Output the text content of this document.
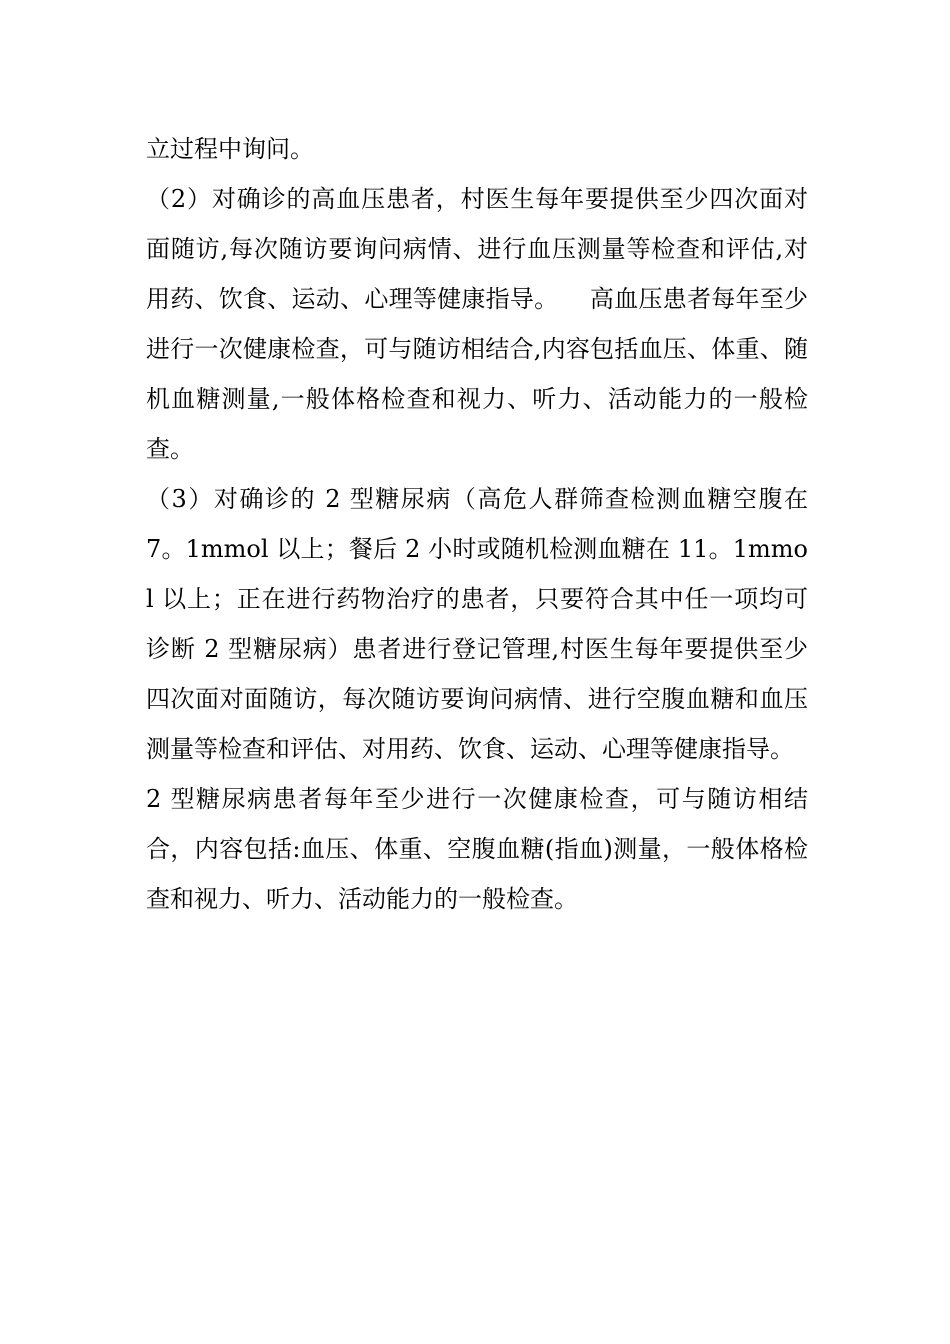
立过程中询问。

（2）对确诊的高血压患者，村医生每年要提供至少四次面对面随访,每次随访要询问病情、进行血压测量等检查和评估,对用药、饮食、运动、心理等健康指导。    高血压患者每年至少进行一次健康检查，可与随访相结合,内容包括血压、体重、随机血糖测量,一般体格检查和视力、听力、活动能力的一般检查。

（3）对确诊的 2 型糖尿病（高危人群筛查检测血糖空腹在 7。1mmol 以上；餐后 2 小时或随机检测血糖在 11。1mmol 以上；正在进行药物治疗的患者，只要符合其中任一项均可诊断 2 型糖尿病）患者进行登记管理,村医生每年要提供至少四次面对面随访，每次随访要询问病情、进行空腹血糖和血压测量等检查和评估、对用药、饮食、运动、心理等健康指导。

2 型糖尿病患者每年至少进行一次健康检查，可与随访相结合，内容包括:血压、体重、空腹血糖(指血)测量，一般体格检查和视力、听力、活动能力的一般检查。
